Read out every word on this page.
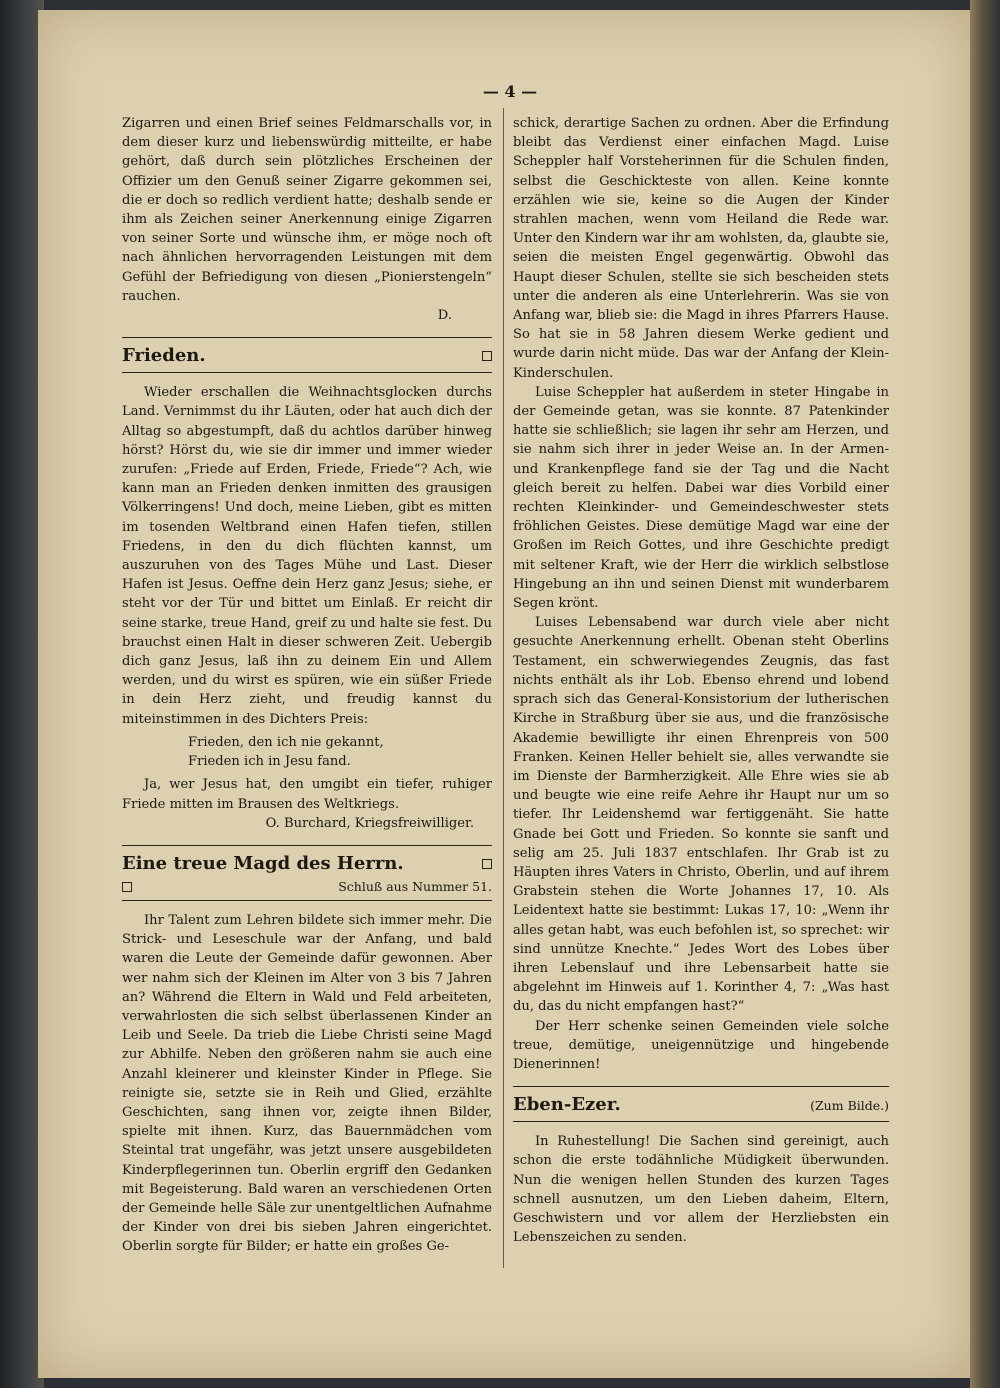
— 4 —

Zigarren und einen Brief seines Feldmarschalls vor, in dem dieser kurz und liebenswürdig mitteilte, er habe gehört, daß durch sein plötzliches Erscheinen der Offizier um den Genuß seiner Zigarre gekommen sei, die er doch so redlich verdient hatte; deshalb sende er ihm als Zeichen seiner Anerkennung einige Zigarren von seiner Sorte und wünsche ihm, er möge noch oft nach ähnlichen hervorragenden Leistungen mit dem Gefühl der Befriedigung von diesen „Pionierstengeln“ rauchen.

D.
Frieden.

Wieder erschallen die Weihnachtsglocken durchs Land. Vernimmst du ihr Läuten, oder hat auch dich der Alltag so abgestumpft, daß du achtlos darüber hinweg hörst? Hörst du, wie sie dir immer und immer wieder zurufen: „Friede auf Erden, Friede, Friede“? Ach, wie kann man an Frieden denken inmitten des grausigen Völkerringens! Und doch, meine Lieben, gibt es mitten im tosenden Weltbrand einen Hafen tiefen, stillen Friedens, in den du dich flüchten kannst, um auszuruhen von des Tages Mühe und Last. Dieser Hafen ist Jesus. Oeffne dein Herz ganz Jesus; siehe, er steht vor der Tür und bittet um Einlaß. Er reicht dir seine starke, treue Hand, greif zu und halte sie fest. Du brauchst einen Halt in dieser schweren Zeit. Uebergib dich ganz Jesus, laß ihn zu deinem Ein und Allem werden, und du wirst es spüren, wie ein süßer Friede in dein Herz zieht, und freudig kannst du miteinstimmen in des Dichters Preis:

Frieden, den ich nie gekannt,
Frieden ich in Jesu fand.

Ja, wer Jesus hat, den umgibt ein tiefer, ruhiger Friede mitten im Brausen des Weltkriegs.

O. Burchard, Kriegsfreiwilliger.
Eine treue Magd des Herrn.
Schluß aus Nummer 51.

Ihr Talent zum Lehren bildete sich immer mehr. Die Strick- und Leseschule war der Anfang, und bald waren die Leute der Gemeinde dafür gewonnen. Aber wer nahm sich der Kleinen im Alter von 3 bis 7 Jahren an? Während die Eltern in Wald und Feld arbeiteten, verwahrlosten die sich selbst überlassenen Kinder an Leib und Seele. Da trieb die Liebe Christi seine Magd zur Abhilfe. Neben den größeren nahm sie auch eine Anzahl kleinerer und kleinster Kinder in Pflege. Sie reinigte sie, setzte sie in Reih und Glied, erzählte Geschichten, sang ihnen vor, zeigte ihnen Bilder, spielte mit ihnen. Kurz, das Bauernmädchen vom Steintal trat ungefähr, was jetzt unsere ausgebildeten Kinderpflegerinnen tun. Oberlin ergriff den Gedanken mit Begeisterung. Bald waren an verschiedenen Orten der Gemeinde helle Säle zur unentgeltlichen Aufnahme der Kinder von drei bis sieben Jahren eingerichtet. Oberlin sorgte für Bilder; er hatte ein großes Ge-

schick, derartige Sachen zu ordnen. Aber die Erfindung bleibt das Verdienst einer einfachen Magd. Luise Scheppler half Vorsteherinnen für die Schulen finden, selbst die Geschickteste von allen. Keine konnte erzählen wie sie, keine so die Augen der Kinder strahlen machen, wenn vom Heiland die Rede war. Unter den Kindern war ihr am wohlsten, da, glaubte sie, seien die meisten Engel gegenwärtig. Obwohl das Haupt dieser Schulen, stellte sie sich bescheiden stets unter die anderen als eine Unterlehrerin. Was sie von Anfang war, blieb sie: die Magd in ihres Pfarrers Hause. So hat sie in 58 Jahren diesem Werke gedient und wurde darin nicht müde. Das war der Anfang der Klein-Kinderschulen.

Luise Scheppler hat außerdem in steter Hingabe in der Gemeinde getan, was sie konnte. 87 Patenkinder hatte sie schließlich; sie lagen ihr sehr am Herzen, und sie nahm sich ihrer in jeder Weise an. In der Armen- und Krankenpflege fand sie der Tag und die Nacht gleich bereit zu helfen. Dabei war dies Vorbild einer rechten Kleinkinder- und Gemeindeschwester stets fröhlichen Geistes. Diese demütige Magd war eine der Großen im Reich Gottes, und ihre Geschichte predigt mit seltener Kraft, wie der Herr die wirklich selbstlose Hingebung an ihn und seinen Dienst mit wunderbarem Segen krönt.

Luises Lebensabend war durch viele aber nicht gesuchte Anerkennung erhellt. Obenan steht Oberlins Testament, ein schwerwiegendes Zeugnis, das fast nichts enthält als ihr Lob. Ebenso ehrend und lobend sprach sich das General-Konsistorium der lutherischen Kirche in Straßburg über sie aus, und die französische Akademie bewilligte ihr einen Ehrenpreis von 500 Franken. Keinen Heller behielt sie, alles verwandte sie im Dienste der Barmherzigkeit. Alle Ehre wies sie ab und beugte wie eine reife Aehre ihr Haupt nur um so tiefer. Ihr Leidenshemd war fertiggenäht. Sie hatte Gnade bei Gott und Frieden. So konnte sie sanft und selig am 25. Juli 1837 entschlafen. Ihr Grab ist zu Häupten ihres Vaters in Christo, Oberlin, und auf ihrem Grabstein stehen die Worte Johannes 17, 10. Als Leidentext hatte sie bestimmt: Lukas 17, 10: „Wenn ihr alles getan habt, was euch befohlen ist, so sprechet: wir sind unnütze Knechte.“ Jedes Wort des Lobes über ihren Lebenslauf und ihre Lebensarbeit hatte sie abgelehnt im Hinweis auf 1. Korinther 4, 7: „Was hast du, das du nicht empfangen hast?“

Der Herr schenke seinen Gemeinden viele solche treue, demütige, uneigennützige und hingebende Dienerinnen!

Eben-Ezer.	(Zum Bilde.)

In Ruhestellung! Die Sachen sind gereinigt, auch schon die erste todähnliche Müdigkeit überwunden. Nun die wenigen hellen Stunden des kurzen Tages schnell ausnutzen, um den Lieben daheim, Eltern, Geschwistern und vor allem der Herzliebsten ein Lebenszeichen zu senden.
